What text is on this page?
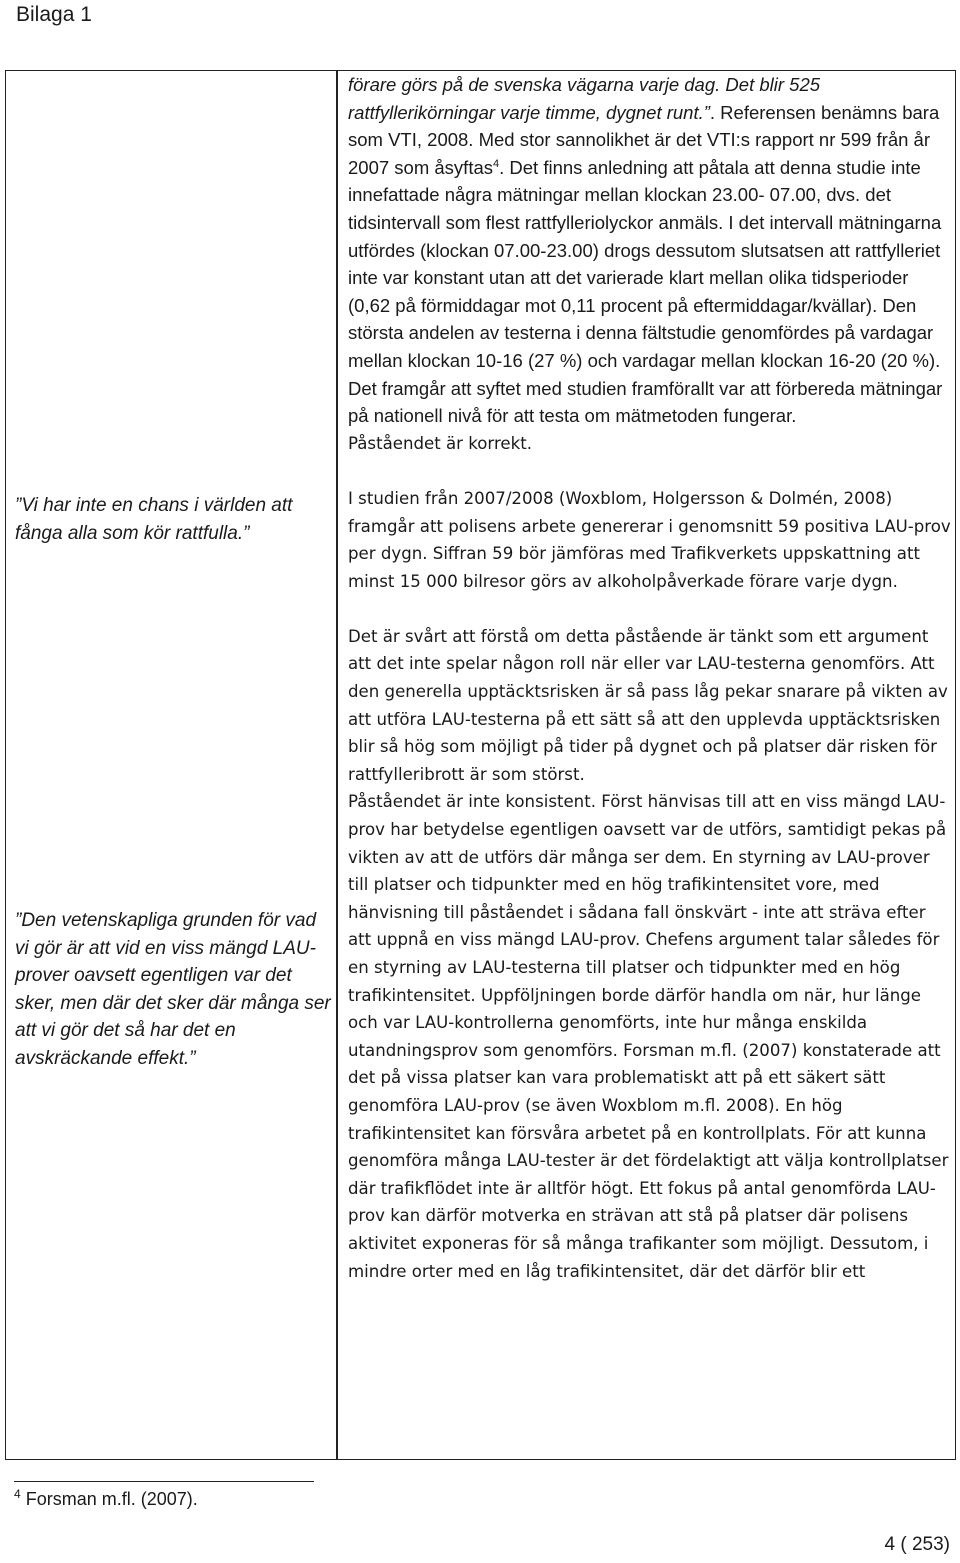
Bilaga 1
”Vi har inte en chans i världen att fånga alla som kör rattfulla.”
”Den vetenskapliga grunden för vad vi gör är att vid en viss mängd LAU-prover oavsett egentligen var det sker, men där det sker där många ser att vi gör det så har det en avskräckande effekt.”

förare görs på de svenska vägarna varje dag. Det blir 525 rattfyllerikörningar varje timme, dygnet runt.”. Referensen benämns bara som VTI, 2008. Med stor sannolikhet är det VTI:s rapport nr 599 från år 2007 som åsyftas$^4$. Det finns anledning att påtala att denna studie inte innefattade några mätningar mellan klockan 23.00- 07.00, dvs. det tidsintervall som flest rattfylleriolyckor anmäls. I det intervall mätningarna utfördes (klockan 07.00-23.00) drogs dessutom slutsatsen att rattfylleriet inte var konstant utan att det varierade klart mellan olika tidsperioder (0,62 på förmiddagar mot 0,11 procent på eftermiddagar/kvällar). Den största andelen av testerna i denna fältstudie genomfördes på vardagar mellan klockan 10-16 (27 %) och vardagar mellan klockan 16-20 (20 %). Det framgår att syftet med studien framförallt var att förbereda mätningar på nationell nivå för att testa om mätmetoden fungerar.

Påståendet är korrekt.

I studien från 2007/2008 (Woxblom, Holgersson & Dolmén, 2008) framgår att polisens arbete genererar i genomsnitt 59 positiva LAU-prov per dygn. Siffran 59 bör jämföras med Trafikverkets uppskattning att minst 15 000 bilresor görs av alkoholpåverkade förare varje dygn.

Det är svårt att förstå om detta påstående är tänkt som ett argument att det inte spelar någon roll när eller var LAU-testerna genomförs. Att den generella upptäcktsrisken är så pass låg pekar snarare på vikten av att utföra LAU-testerna på ett sätt så att den upplevda upptäcktsrisken blir så hög som möjligt på tider på dygnet och på platser där risken för rattfylleribrott är som störst.

Påståendet är inte konsistent. Först hänvisas till att en viss mängd LAU-prov har betydelse egentligen oavsett var de utförs, samtidigt pekas på vikten av att de utförs där många ser dem. En styrning av LAU-prover till platser och tidpunkter med en hög trafikintensitet vore, med hänvisning till påståendet i sådana fall önskvärt - inte att sträva efter att uppnå en viss mängd LAU-prov. Chefens argument talar således för en styrning av LAU-testerna till platser och tidpunkter med en hög trafikintensitet. Uppföljningen borde därför handla om när, hur länge och var LAU-kontrollerna genomförts, inte hur många enskilda utandningsprov som genomförs. Forsman m.fl. (2007) konstaterade att det på vissa platser kan vara problematiskt att på ett säkert sätt genomföra LAU-prov (se även Woxblom m.fl. 2008). En hög trafikintensitet kan försvåra arbetet på en kontrollplats. För att kunna genomföra många LAU-tester är det fördelaktigt att välja kontrollplatser där trafikflödet inte är alltför högt. Ett fokus på antal genomförda LAU-prov kan därför motverka en strävan att stå på platser där polisens aktivitet exponeras för så många trafikanter som möjligt. Dessutom, i mindre orter med en låg trafikintensitet, där det därför blir ett

$^4$ Forsman m.fl. (2007).
4 ( 253)
